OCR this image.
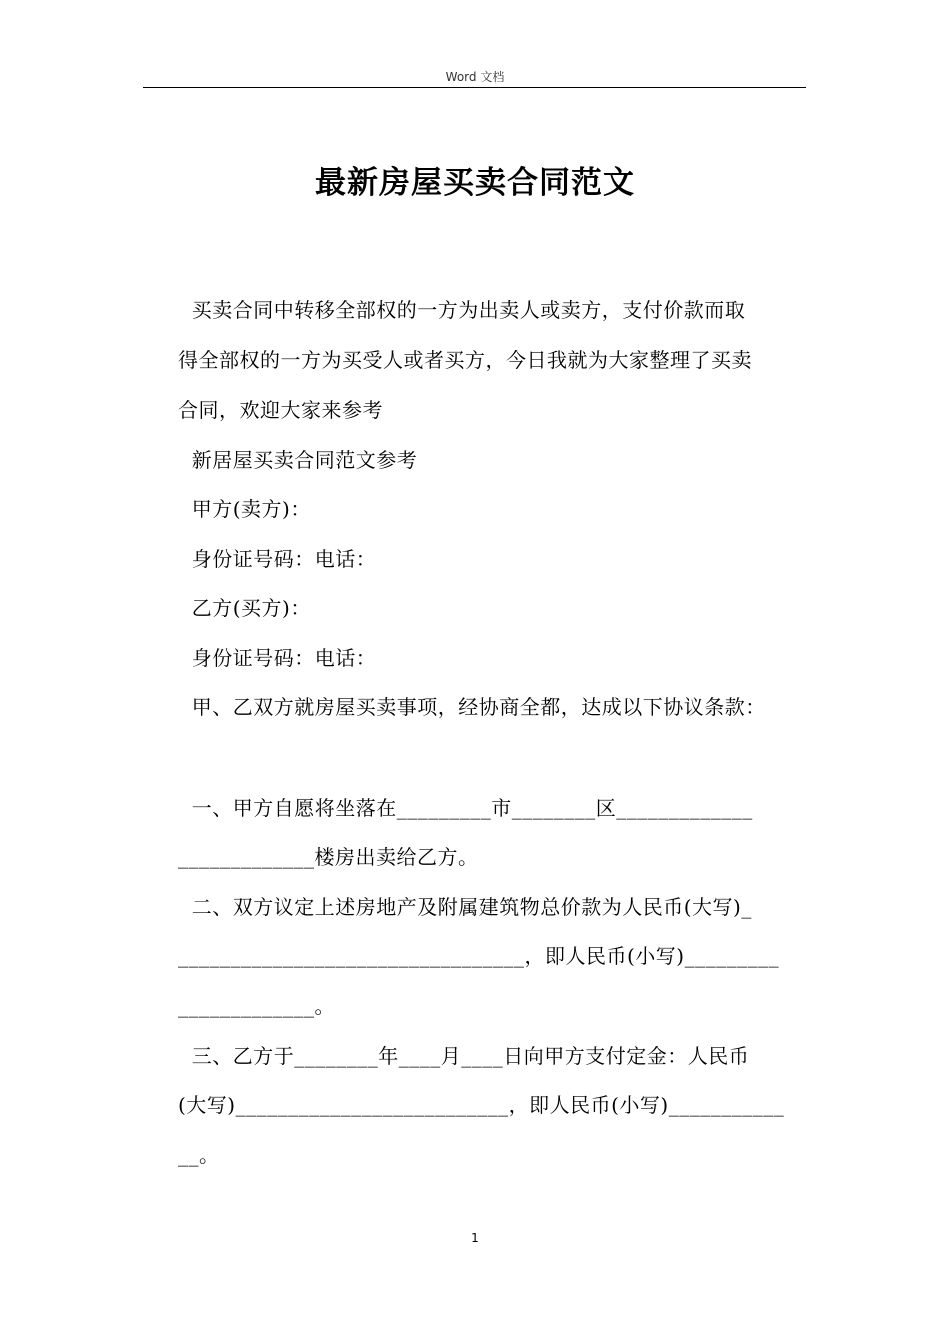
Word 文档
最新房屋买卖合同范文
买卖合同中转移全部权的一方为出卖人或卖方，支付价款而取
得全部权的一方为买受人或者买方，今日我就为大家整理了买卖
合同，欢迎大家来参考
新居屋买卖合同范文参考
甲方(卖方)：
身份证号码：电话：
乙方(买方)：
身份证号码：电话：
甲、乙双方就房屋买卖事项，经协商全都，达成以下协议条款：
一、甲方自愿将坐落在_________市________区_____________
_____________楼房出卖给乙方。
二、双方议定上述房地产及附属建筑物总价款为人民币(大写)_
_________________________________，即人民币(小写)_________
_____________。
三、乙方于________年____月____日向甲方支付定金：人民币
(大写)__________________________，即人民币(小写)___________
__。
1
